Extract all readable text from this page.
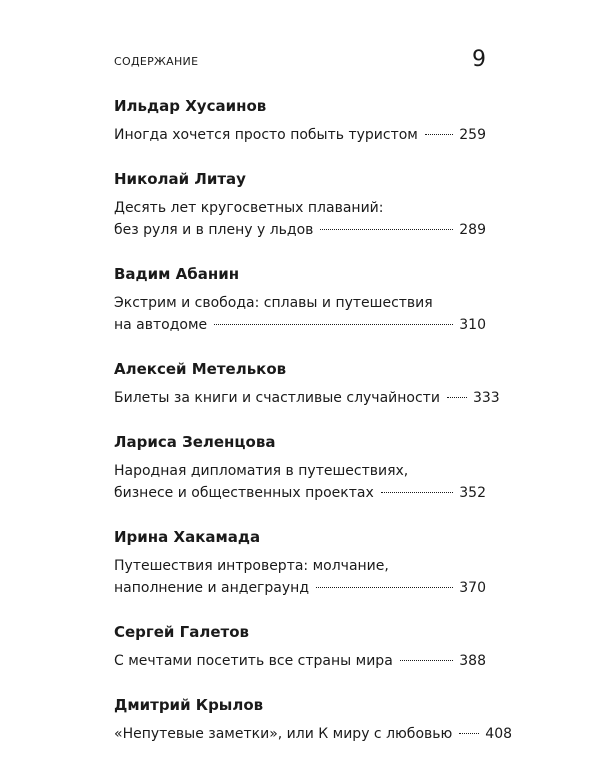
СОДЕРЖАНИЕ	9
Ильдар Хусаинов
Иногда хочется просто побыть туристом	259
Николай Литау
Десять лет кругосветных плаваний:
без руля и в плену у льдов	289
Вадим Абанин
Экстрим и свобода: сплавы и путешествия
на автодоме	310
Алексей Метельков
Билеты за книги и счастливые случайности 333
Лариса Зеленцова
Народная дипломатия в путешествиях,
бизнесе и общественных проектах	352
Ирина Хакамада
Путешествия интроверта: молчание,
наполнение и андеграунд	370
Сергей Галетов
С мечтами посетить все страны мира	388
Дмитрий Крылов
«Непутевые заметки», или К миру с любовью 408
